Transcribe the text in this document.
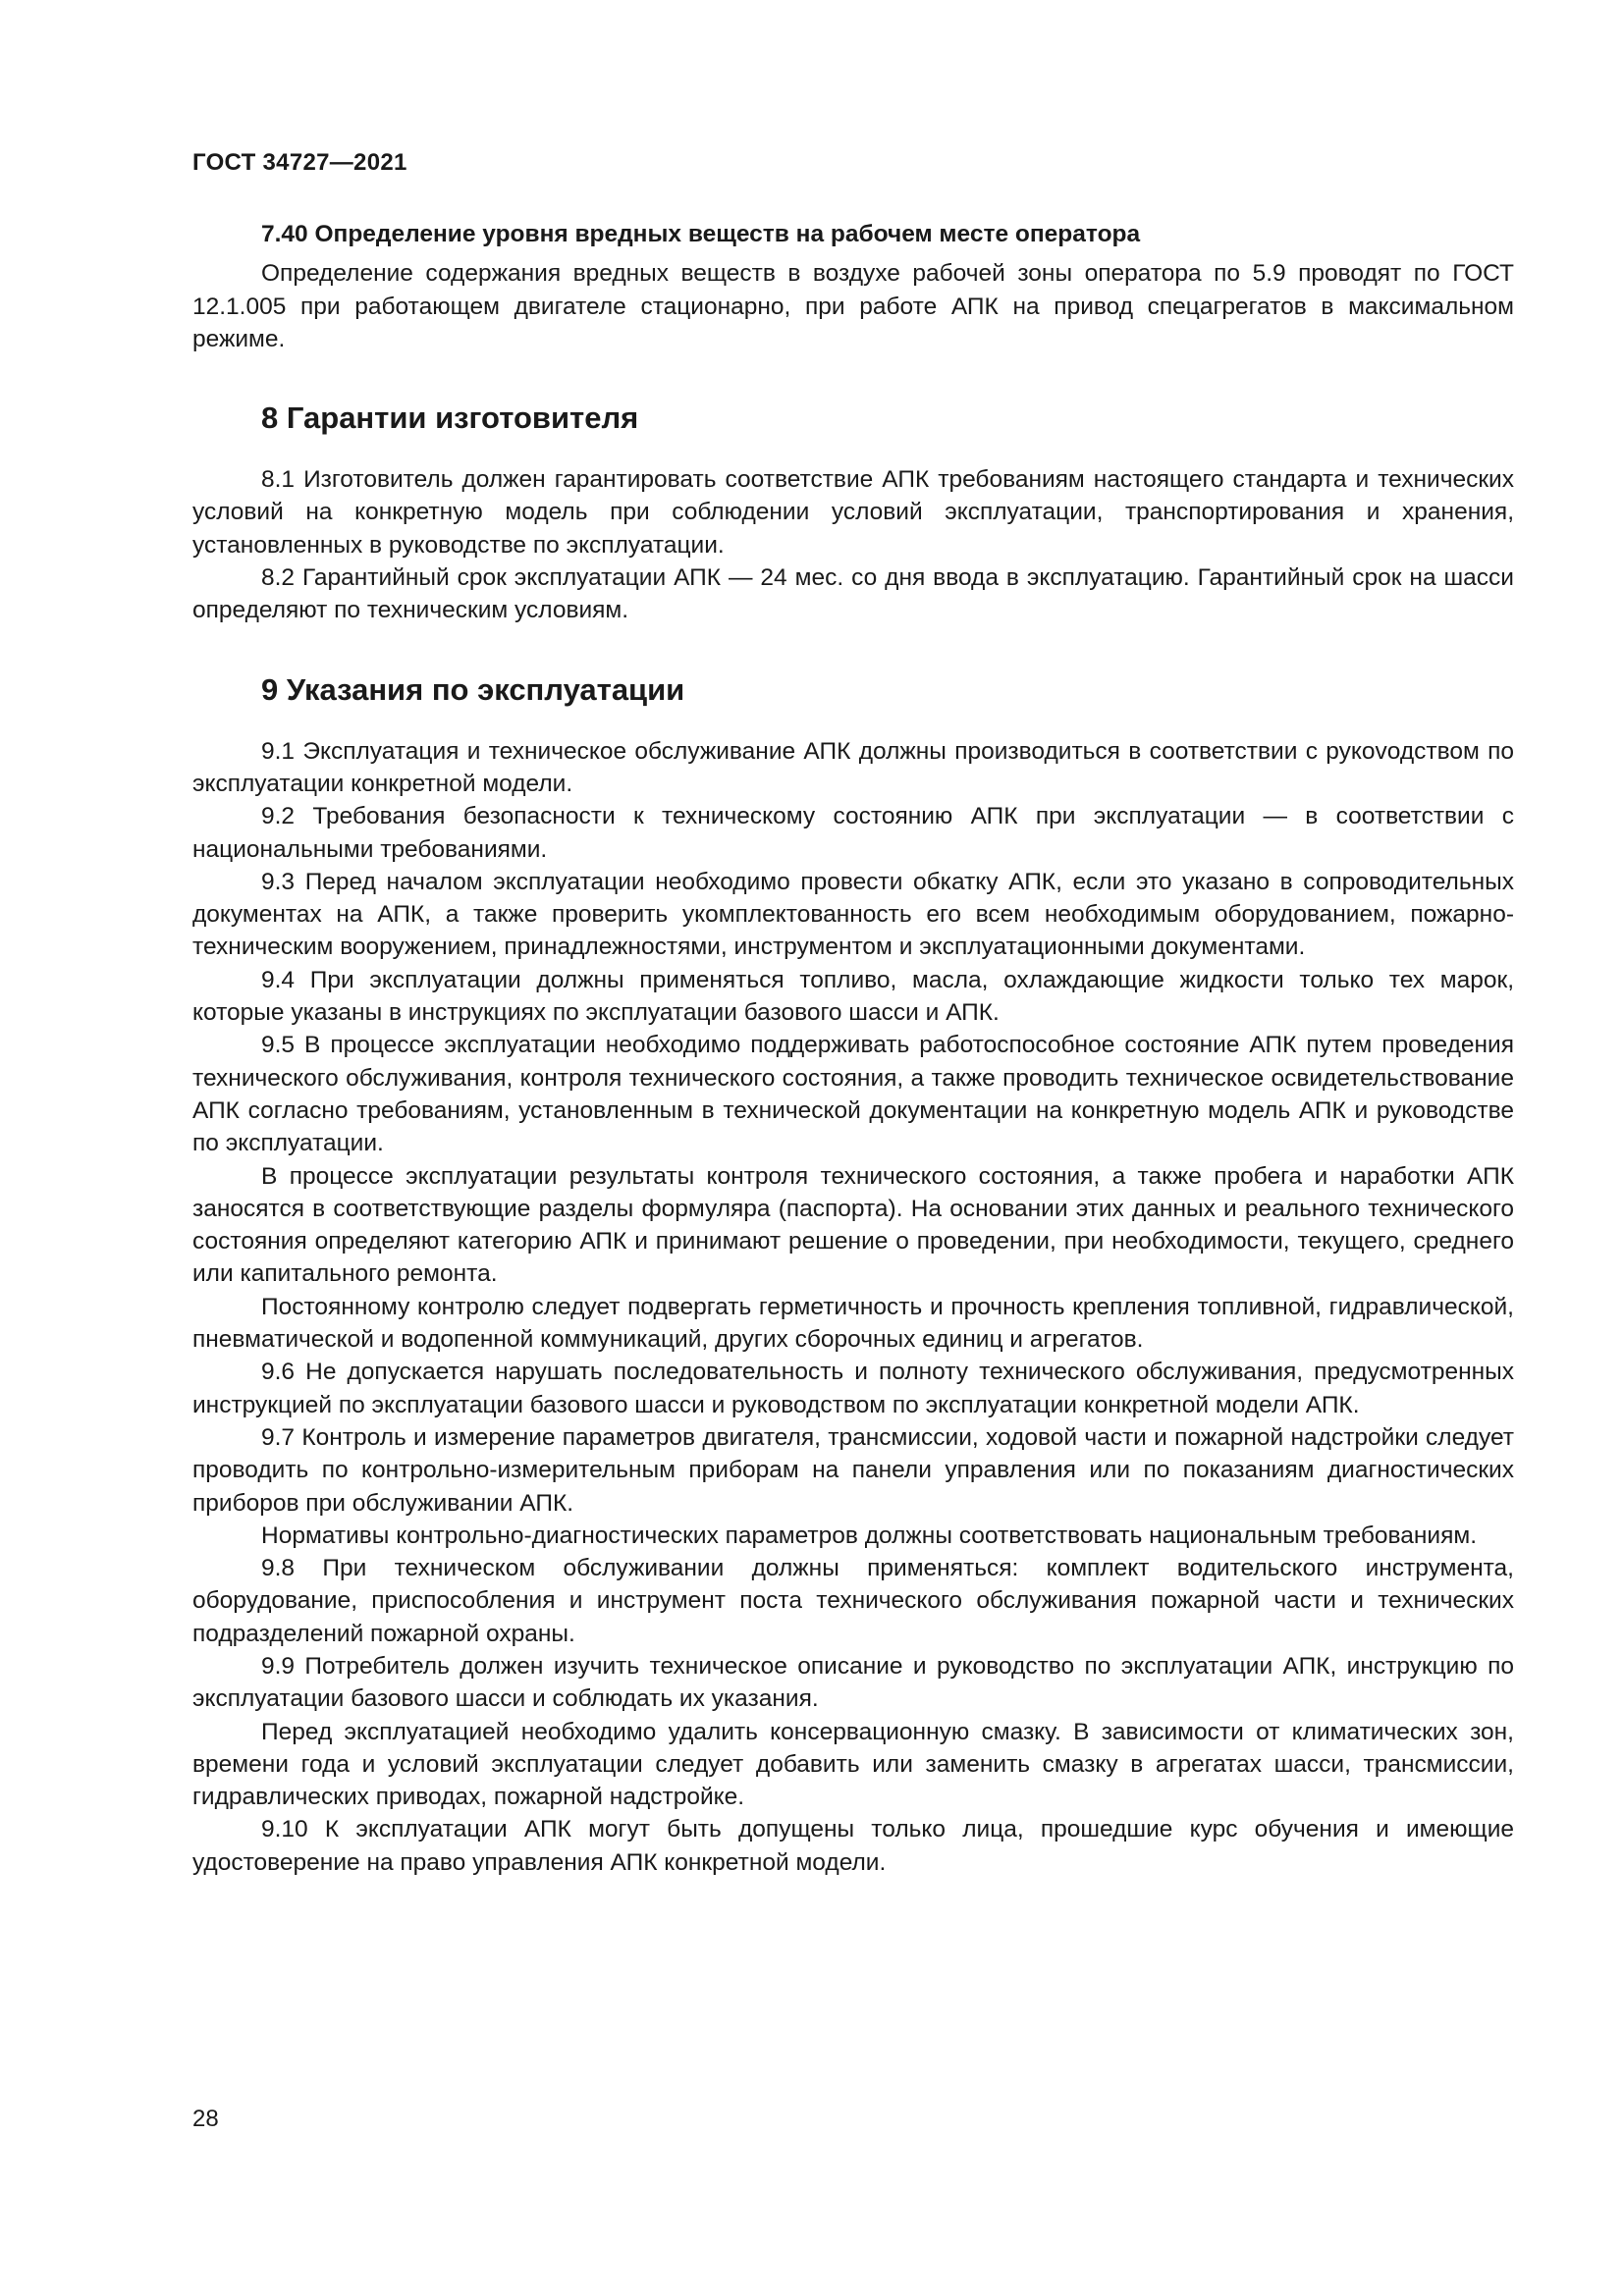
ГОСТ 34727—2021
7.40 Определение уровня вредных веществ на рабочем месте оператора

Определение содержания вредных веществ в воздухе рабочей зоны оператора по 5.9 проводят по ГОСТ 12.1.005 при работающем двигателе стационарно, при работе АПК на привод спецагрегатов в максимальном режиме.

8 Гарантии изготовителя

8.1 Изготовитель должен гарантировать соответствие АПК требованиям настоящего стандарта и технических условий на конкретную модель при соблюдении условий эксплуатации, транспортирования и хранения, установленных в руководстве по эксплуатации.

8.2 Гарантийный срок эксплуатации АПК — 24 мес. со дня ввода в эксплуатацию. Гарантийный срок на шасси определяют по техническим условиям.

9 Указания по эксплуатации

9.1 Эксплуатация и техническое обслуживание АПК должны производиться в соответствии с рукоvодством по эксплуатации конкретной модели.

9.2 Требования безопасности к техническому состоянию АПК при эксплуатации — в соответствии с национальными требованиями.

9.3 Перед началом эксплуатации необходимо провести обкатку АПК, если это указано в сопроводительных документах на АПК, а также проверить укомплектованность его всем необходимым оборудованием, пожарно-техническим вооружением, принадлежностями, инструментом и эксплуатационными документами.

9.4 При эксплуатации должны применяться топливо, масла, охлаждающие жидкости только тех марок, которые указаны в инструкциях по эксплуатации базового шасси и АПК.

9.5 В процессе эксплуатации необходимо поддерживать работоспособное состояние АПК путем проведения технического обслуживания, контроля технического состояния, а также проводить техническое освидетельствование АПК согласно требованиям, установленным в технической документации на конкретную модель АПК и руководстве по эксплуатации.

В процессе эксплуатации результаты контроля технического состояния, а также пробега и наработки АПК заносятся в соответствующие разделы формуляра (паспорта). На основании этих данных и реального технического состояния определяют категорию АПК и принимают решение о проведении, при необходимости, текущего, среднего или капитального ремонта.

Постоянному контролю следует подвергать герметичность и прочность крепления топливной, гидравлической, пневматической и водопенной коммуникаций, других сборочных единиц и агрегатов.

9.6 Не допускается нарушать последовательность и полноту технического обслуживания, предусмотренных инструкцией по эксплуатации базового шасси и руководством по эксплуатации конкретной модели АПК.

9.7 Контроль и измерение параметров двигателя, трансмиссии, ходовой части и пожарной надстройки следует проводить по контрольно-измерительным приборам на панели управления или по показаниям диагностических приборов при обслуживании АПК.

Нормативы контрольно-диагностических параметров должны соответствовать национальным требованиям.

9.8 При техническом обслуживании должны применяться: комплект водительского инструмента, оборудование, приспособления и инструмент поста технического обслуживания пожарной части и технических подразделений пожарной охраны.

9.9 Потребитель должен изучить техническое описание и руководство по эксплуатации АПК, инструкцию по эксплуатации базового шасси и соблюдать их указания.

Перед эксплуатацией необходимо удалить консервационную смазку. В зависимости от климатических зон, времени года и условий эксплуатации следует добавить или заменить смазку в агрегатах шасси, трансмиссии, гидравлических приводах, пожарной надстройке.

9.10 К эксплуатации АПК могут быть допущены только лица, прошедшие курс обучения и имеющие удостоверение на право управления АПК конкретной модели.

28
